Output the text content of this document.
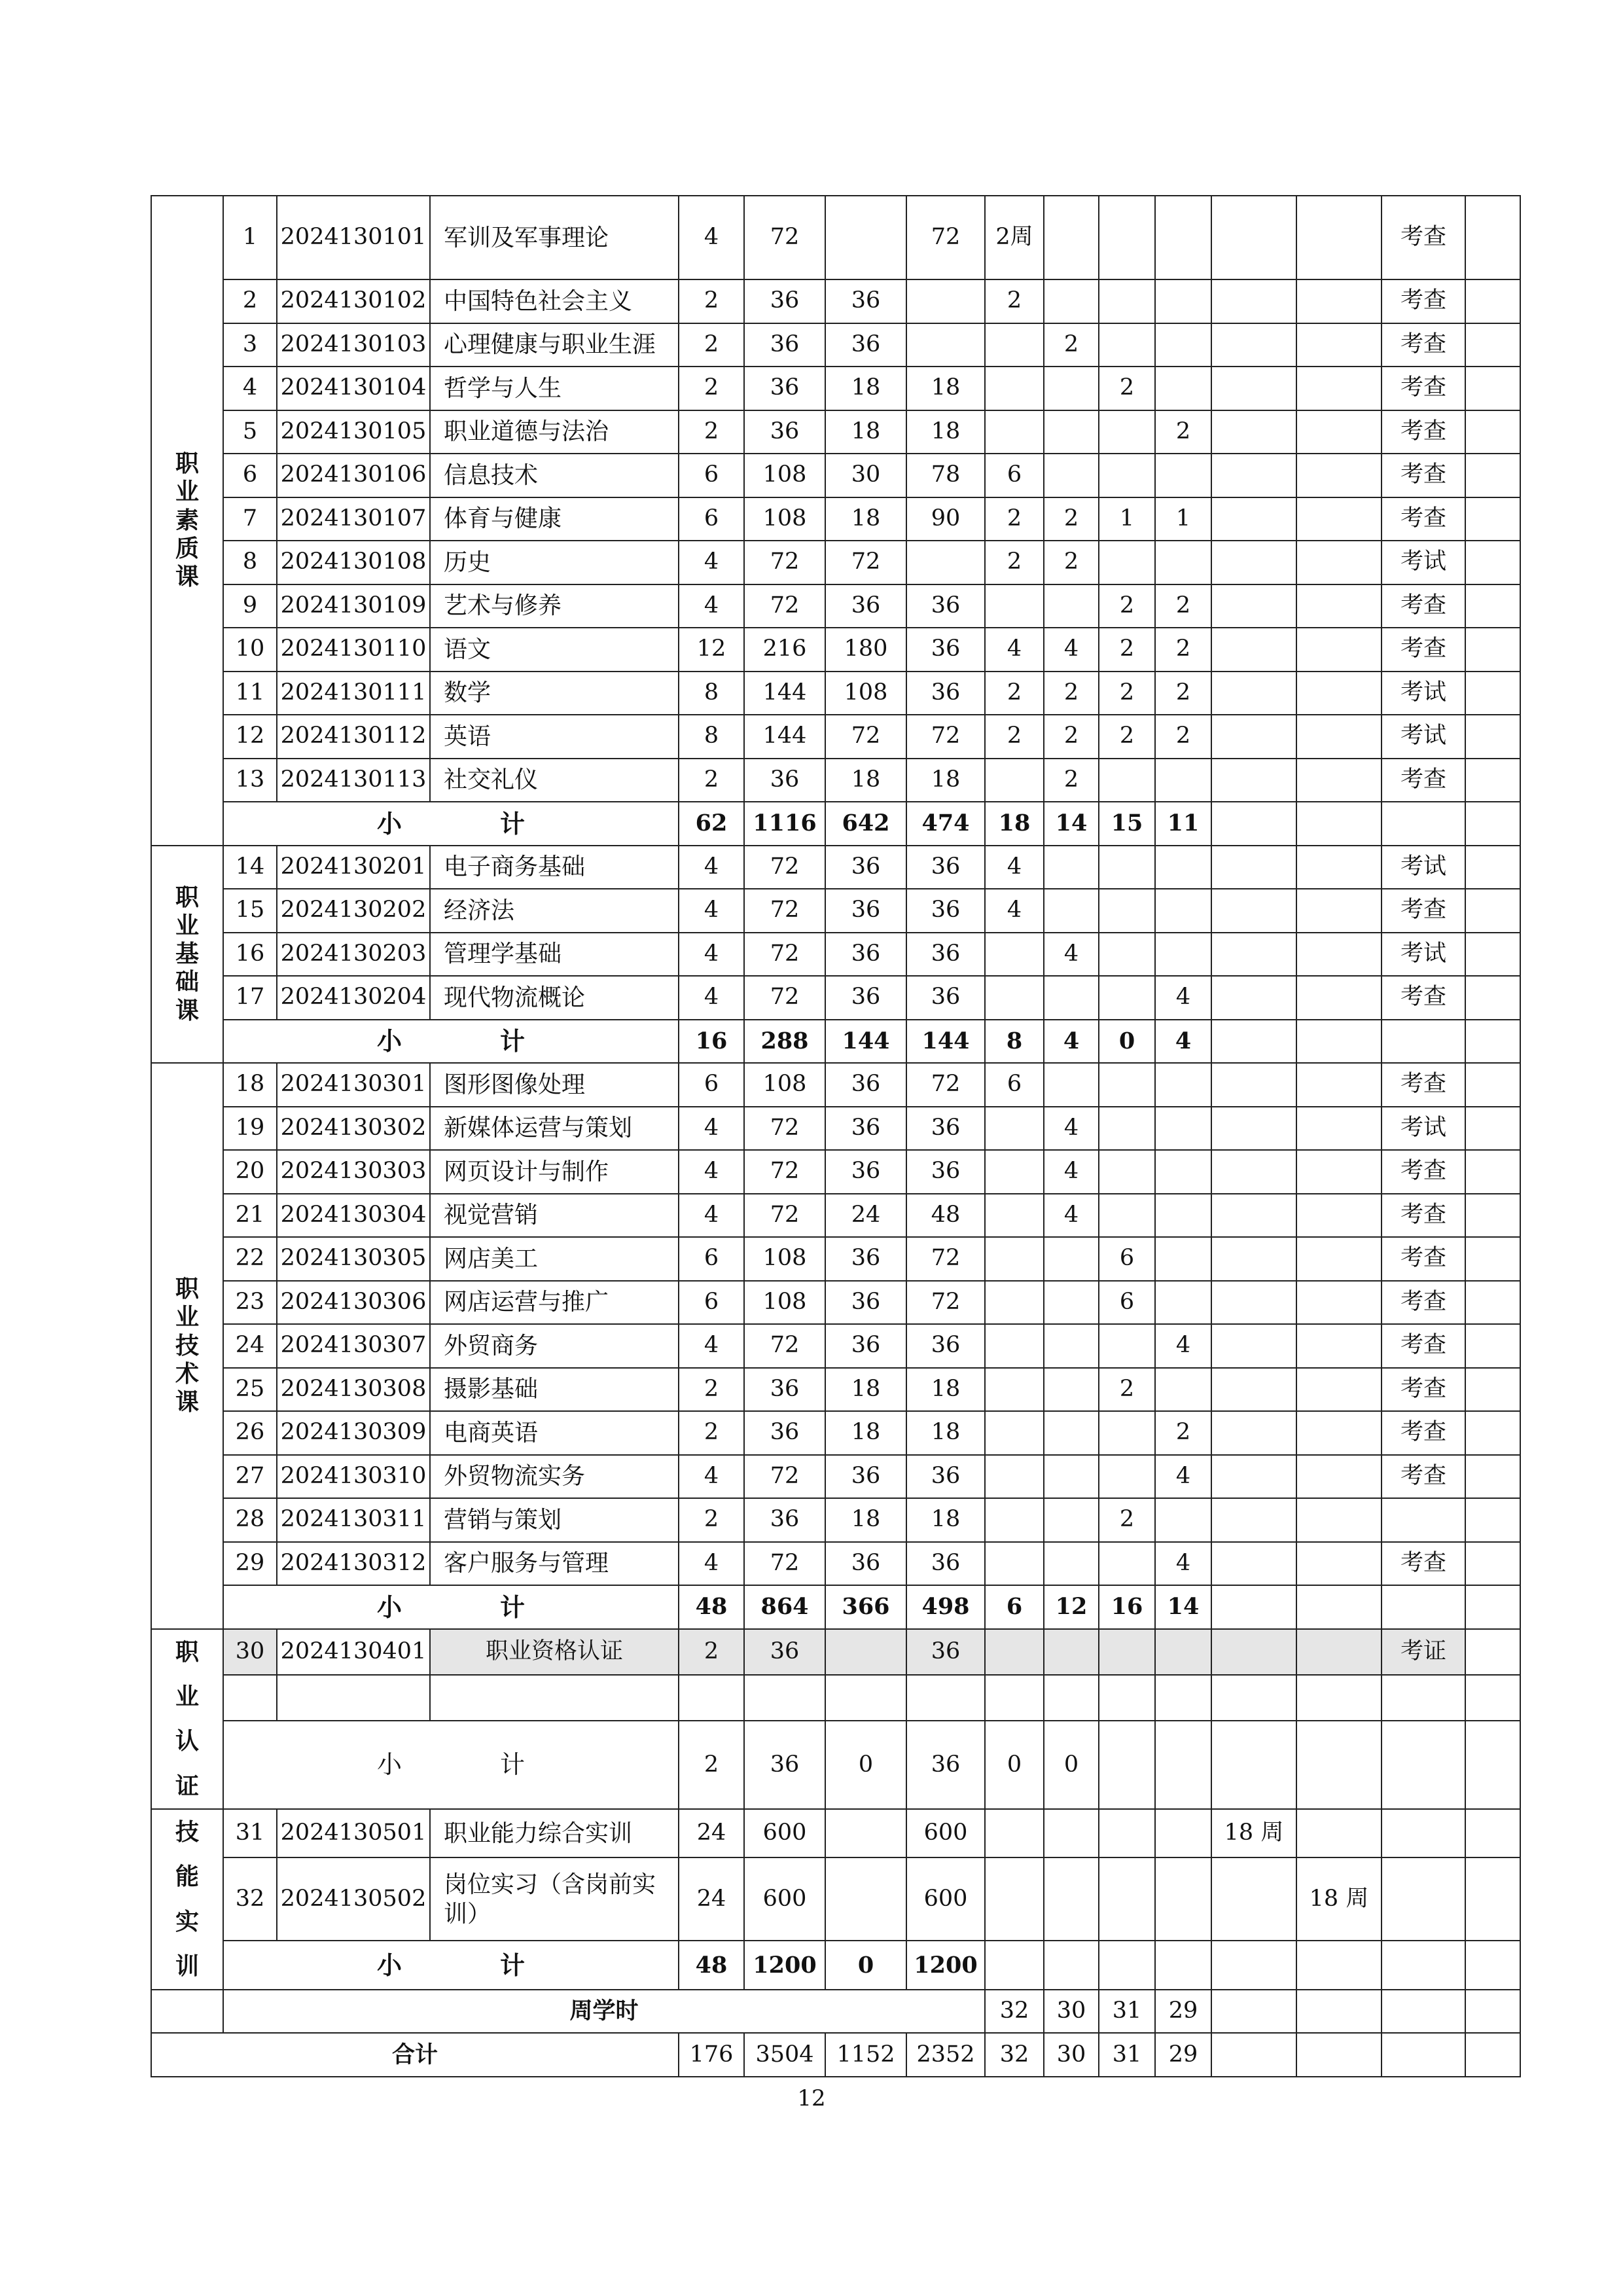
职业素质课	1	2024130101	军训及军事理论	4	72		72	2周						考查	
	2	2024130102	中国特色社会主义	2	36	36		2						考查	
	3	2024130103	心理健康与职业生涯	2	36	36			2					考查	
	4	2024130104	哲学与人生	2	36	18	18			2				考查	
	5	2024130105	职业道德与法治	2	36	18	18				2			考查	
	6	2024130106	信息技术	6	108	30	78	6						考查	
	7	2024130107	体育与健康	6	108	18	90	2	2	1	1			考查	
	8	2024130108	历史	4	72	72		2	2					考试	
	9	2024130109	艺术与修养	4	72	36	36			2	2			考查	
	10	2024130110	语文	12	216	180	36	4	4	2	2			考查	
	11	2024130111	数学	8	144	108	36	2	2	2	2			考试	
	12	2024130112	英语	8	144	72	72	2	2	2	2			考试	
	13	2024130113	社交礼仪	2	36	18	18		2					考查	
	小计			62	1116	642	474	18	14	15	11				
职业基础课	14	2024130201	电子商务基础	4	72	36	36	4						考试	
	15	2024130202	经济法	4	72	36	36	4						考查	
	16	2024130203	管理学基础	4	72	36	36		4					考试	
	17	2024130204	现代物流概论	4	72	36	36				4			考查	
	小计			16	288	144	144	8	4	0	4				
职业技术课	18	2024130301	图形图像处理	6	108	36	72	6						考查	
	19	2024130302	新媒体运营与策划	4	72	36	36		4					考试	
	20	2024130303	网页设计与制作	4	72	36	36		4					考查	
	21	2024130304	视觉营销	4	72	24	48		4					考查	
	22	2024130305	网店美工	6	108	36	72			6				考查	
	23	2024130306	网店运营与推广	6	108	36	72			6				考查	
	24	2024130307	外贸商务	4	72	36	36				4			考查	
	25	2024130308	摄影基础	2	36	18	18			2				考查	
	26	2024130309	电商英语	2	36	18	18				2			考查	
	27	2024130310	外贸物流实务	4	72	36	36				4			考查	
	28	2024130311	营销与策划	2	36	18	18			2					
	29	2024130312	客户服务与管理	4	72	36	36				4			考查	
	小计			48	864	366	498	6	12	16	14				
职业认证	30	2024130401	职业资格认证	2	36		36							考证	

	小计			2	36	0	36	0	0						
技能实训	31	2024130501	职业能力综合实训	24	600		600					18 周			
	32	2024130502	岗位实习（含岗前实训）	24	600		600						18 周		
	小计			48	1200	0	1200								
	周学时							32	30	31	29				
合计				176	3504	1152	2352	32	30	31	29				
12
